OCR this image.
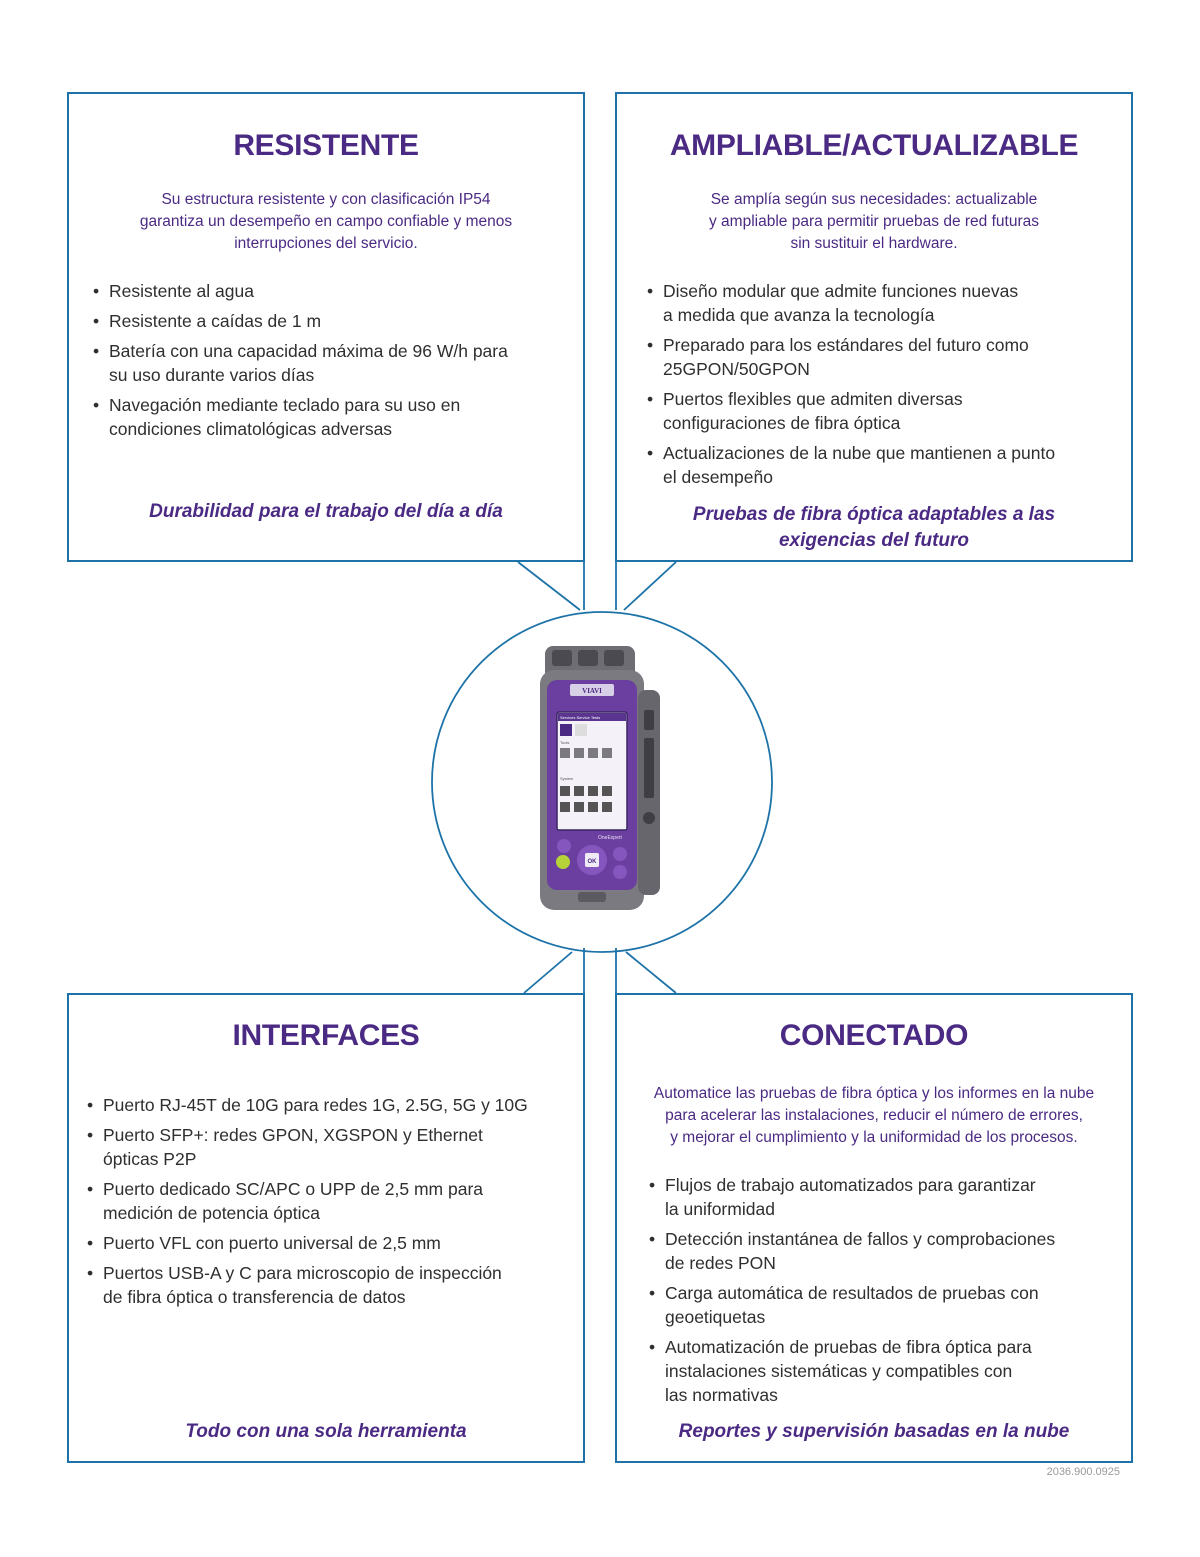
RESISTENTE

Su estructura resistente y con clasificación IP54
garantiza un desempeño en campo confiable y menos
interrupciones del servicio.

• Resistente al agua
• Resistente a caídas de 1 m
• Batería con una capacidad máxima de 96 W/h para
su uso durante varios días
• Navegación mediante teclado para su uso en
condiciones climatológicas adversas

Durabilidad para el trabajo del día a día

AMPLIABLE/ACTUALIZABLE

Se amplía según sus necesidades: actualizable
y ampliable para permitir pruebas de red futuras
sin sustituir el hardware.

• Diseño modular que admite funciones nuevas
a medida que avanza la tecnología
• Preparado para los estándares del futuro como
25GPON/50GPON
• Puertos flexibles que admiten diversas
configuraciones de fibra óptica
• Actualizaciones de la nube que mantienen a punto
el desempeño

Pruebas de fibra óptica adaptables a las
exigencias del futuro

INTERFACES
• Puerto RJ-45T de 10G para redes 1G, 2.5G, 5G y 10G
• Puerto SFP+: redes GPON, XGSPON y Ethernet
ópticas P2P
• Puerto dedicado SC/APC o UPP de 2,5 mm para
medición de potencia óptica
• Puerto VFL con puerto universal de 2,5 mm
• Puertos USB-A y C para microscopio de inspección
de fibra óptica o transferencia de datos

Todo con una sola herramienta

CONECTADO

Automatice las pruebas de fibra óptica y los informes en la nube
para acelerar las instalaciones, reducir el número de errores,
y mejorar el cumplimiento y la uniformidad de los procesos.

• Flujos de trabajo automatizados para garantizar
la uniformidad
• Detección instantánea de fallos y comprobaciones
de redes PON
• Carga automática de resultados de pruebas con
geoetiquetas
• Automatización de pruebas de fibra óptica para
instalaciones sistemáticas y compatibles con
las normativas

Reportes y supervisión basadas en la nube

VIAVI
Services Service Tests
Tools
System
OneExpert
OK
2036.900.0925
